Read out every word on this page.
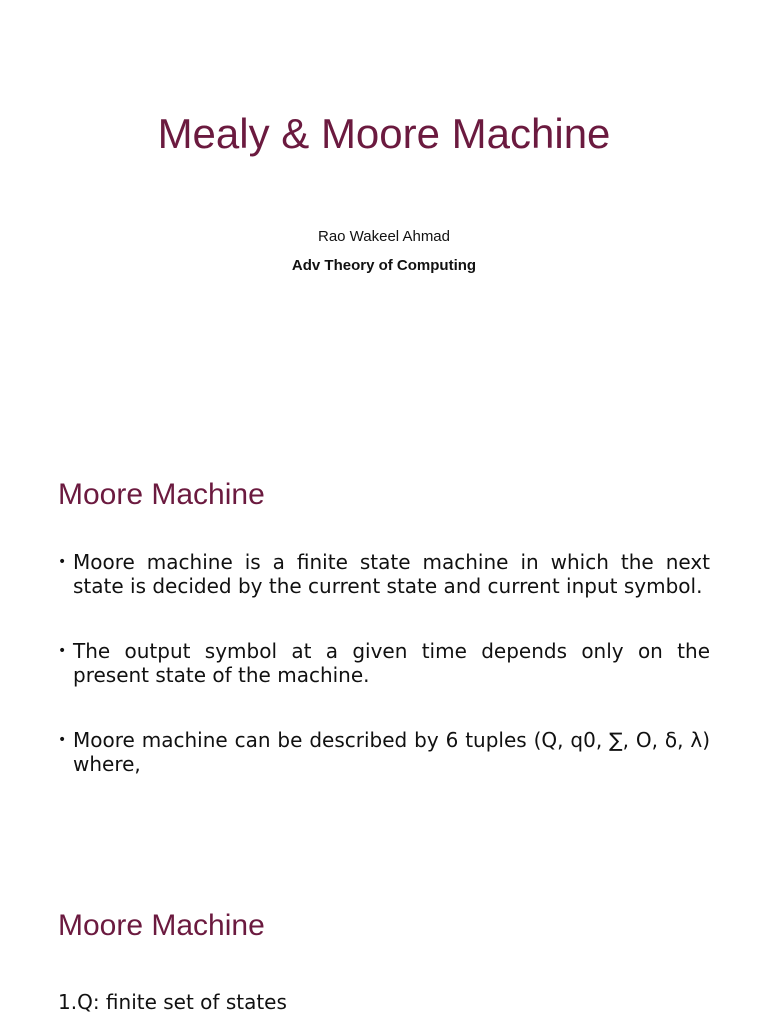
Mealy & Moore Machine

Rao Wakeel Ahmad

Adv Theory of Computing

Moore Machine
• Moore machine is a finite state machine in which the next state is decided by the current state and current input symbol.
• The output symbol at a given time depends only on the present state of the machine.
• Moore machine can be described by 6 tuples (Q, q0, ∑, O, δ, λ) where,
Moore Machine

1.Q: finite set of states
